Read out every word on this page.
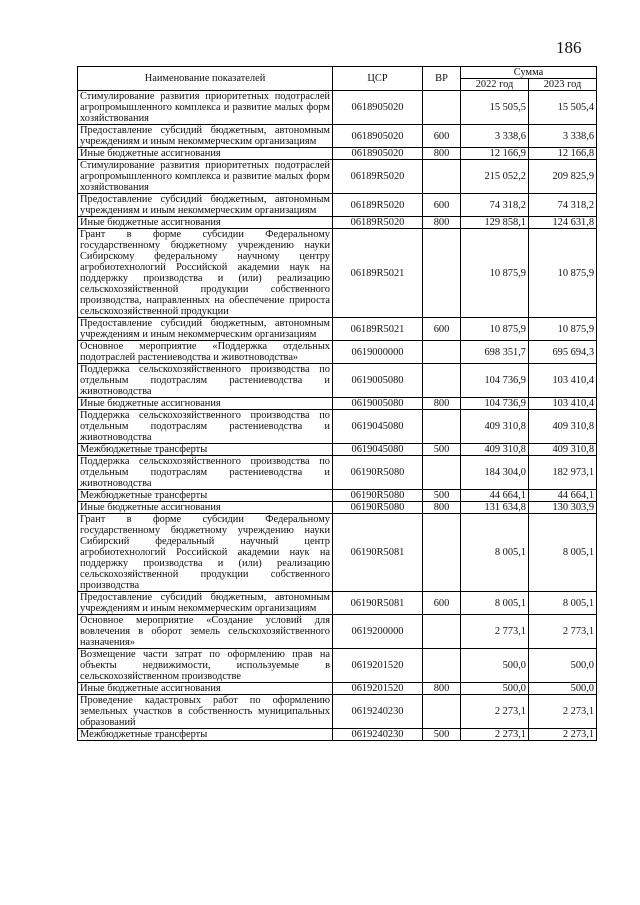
186
Наименование показателей	ЦСР	ВР	Сумма	
			2022 год	2023 год
Стимулирование развития приоритетных подотраслей агропромышленного комплекса и развитие малых форм хозяйствования	0618905020		15 505,5	15 505,4
Предоставление субсидий бюджетным, автономным учреждениям и иным некоммерческим организациям	0618905020	600	3 338,6	3 338,6
Иные бюджетные ассигнования	0618905020	800	12 166,9	12 166,8
Стимулирование развития приоритетных подотраслей агропромышленного комплекса и развитие малых форм хозяйствования	06189R5020		215 052,2	209 825,9
Предоставление субсидий бюджетным, автономным учреждениям и иным некоммерческим организациям	06189R5020	600	74 318,2	74 318,2
Иные бюджетные ассигнования	06189R5020	800	129 858,1	124 631,8
Грант в форме субсидии Федеральному государственному бюджетному учреждению науки Сибирскому федеральному научному центру агробиотехнологий Российской академии наук на поддержку производства и (или) реализацию сельскохозяйственной продукции собственного производства, направленных на обеспечение прироста сельскохозяйственной продукции	06189R5021		10 875,9	10 875,9
Предоставление субсидий бюджетным, автономным учреждениям и иным некоммерческим организациям	06189R5021	600	10 875,9	10 875,9
Основное мероприятие «Поддержка отдельных подотраслей растениеводства и животноводства»	0619000000		698 351,7	695 694,3
Поддержка сельскохозяйственного производства по отдельным подотраслям растениеводства и животноводства	0619005080		104 736,9	103 410,4
Иные бюджетные ассигнования	0619005080	800	104 736,9	103 410,4
Поддержка сельскохозяйственного производства по отдельным подотраслям растениеводства и животноводства	0619045080		409 310,8	409 310,8
Межбюджетные трансферты	0619045080	500	409 310,8	409 310,8
Поддержка сельскохозяйственного производства по отдельным подотраслям растениеводства и животноводства	06190R5080		184 304,0	182 973,1
Межбюджетные трансферты	06190R5080	500	44 664,1	44 664,1
Иные бюджетные ассигнования	06190R5080	800	131 634,8	130 303,9
Грант в форме субсидии Федеральному государственному бюджетному учреждению науки Сибирский федеральный научный центр агробиотехнологий Российской академии наук на поддержку производства и (или) реализацию сельскохозяйственной продукции собственного производства	06190R5081		8 005,1	8 005,1
Предоставление субсидий бюджетным, автономным учреждениям и иным некоммерческим организациям	06190R5081	600	8 005,1	8 005,1
Основное мероприятие «Создание условий для вовлечения в оборот земель сельскохозяйственного назначения»	0619200000		2 773,1	2 773,1
Возмещение части затрат по оформлению прав на объекты недвижимости, используемые в сельскохозяйственном производстве	0619201520		500,0	500,0
Иные бюджетные ассигнования	0619201520	800	500,0	500,0
Проведение кадастровых работ по оформлению земельных участков в собственность муниципальных образований	0619240230		2 273,1	2 273,1
Межбюджетные трансферты	0619240230	500	2 273,1	2 273,1
